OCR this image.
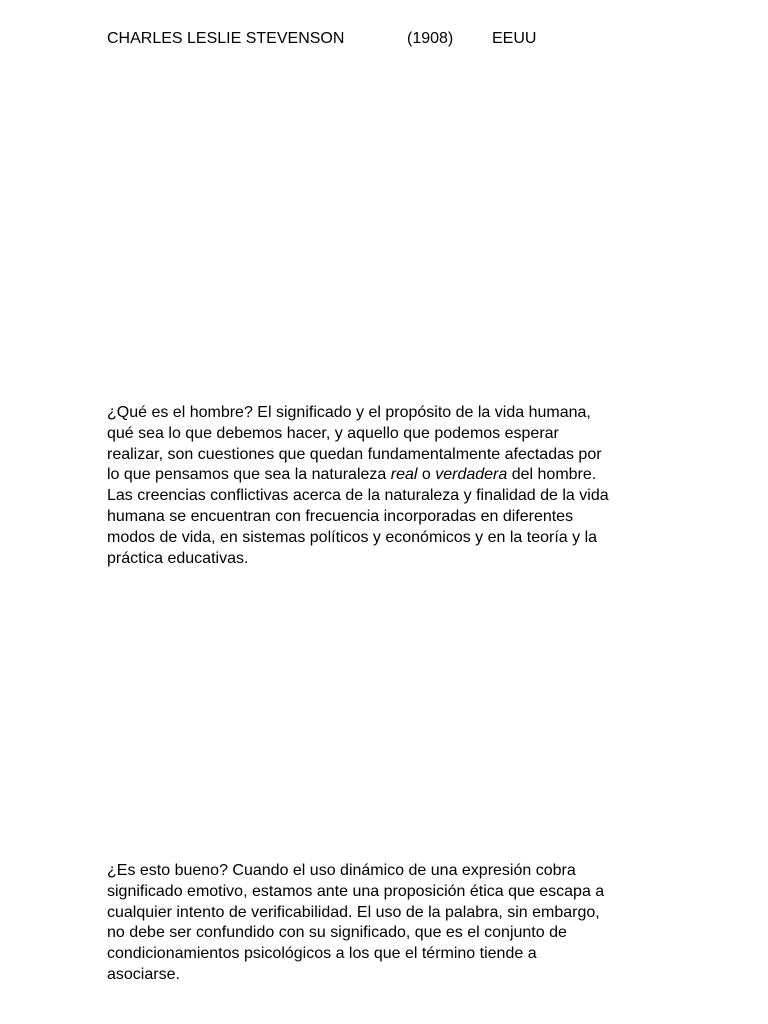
CHARLES LESLIE STEVENSON	(1908) EEUU
¿Qué es el hombre? El significado y el propósito de la vida humana,
qué sea lo que debemos hacer, y aquello que podemos esperar
realizar, son cuestiones que quedan fundamentalmente afectadas por
lo que pensamos que sea la naturaleza real o verdadera del hombre.
Las creencias conflictivas acerca de la naturaleza y finalidad de la vida
humana se encuentran con frecuencia incorporadas en diferentes
modos de vida, en sistemas políticos y económicos y en la teoría y la
práctica educativas.
¿Es esto bueno? Cuando el uso dinámico de una expresión cobra
significado emotivo, estamos ante una proposición ética que escapa a
cualquier intento de verificabilidad. El uso de la palabra, sin embargo,
no debe ser confundido con su significado, que es el conjunto de
condicionamientos psicológicos a los que el término tiende a
asociarse.
